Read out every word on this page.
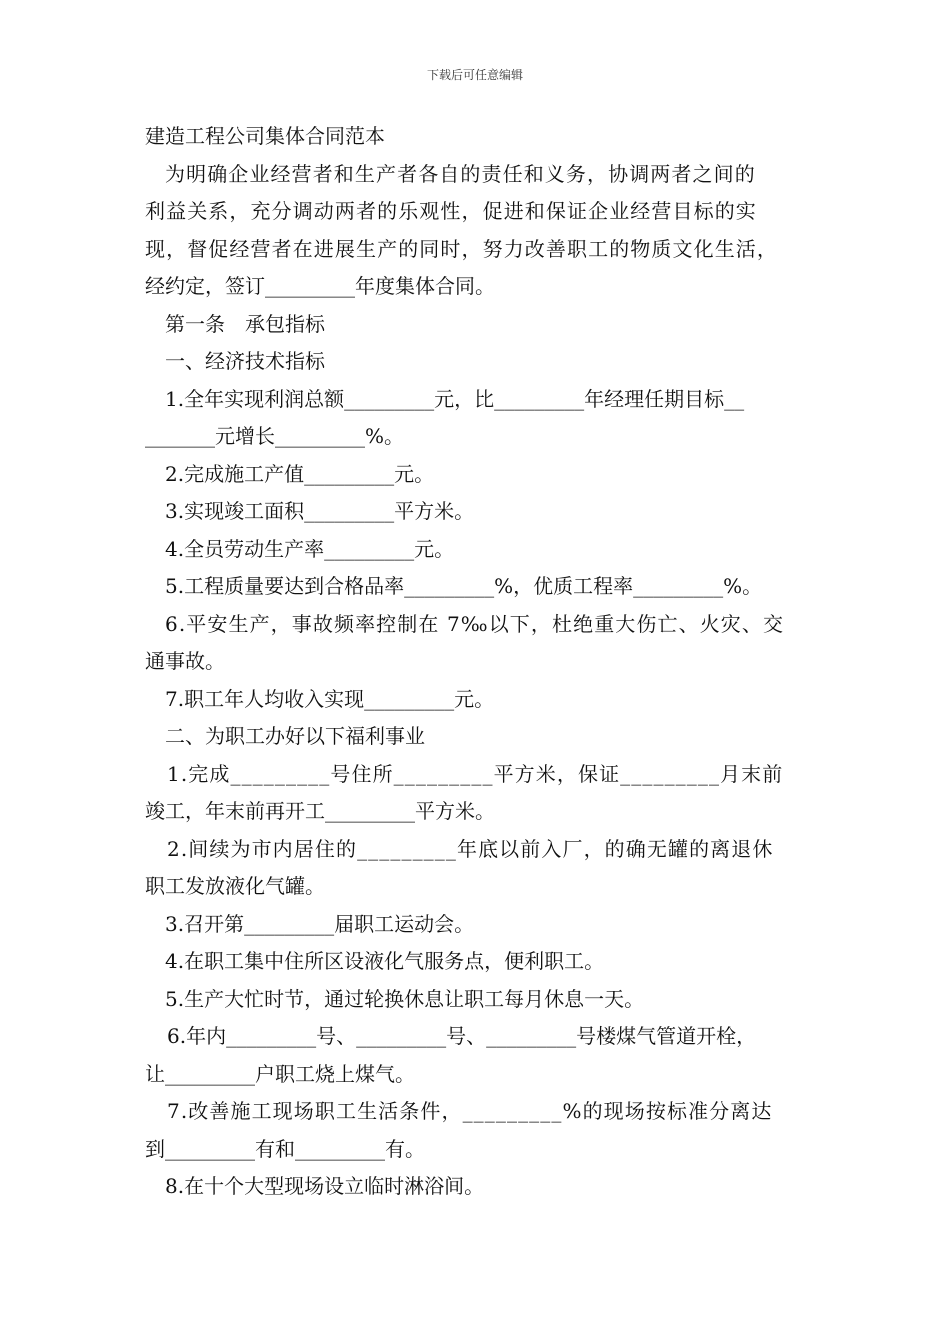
下载后可任意编辑
建造工程公司集体合同范本
为明确企业经营者和生产者各自的责任和义务，协调两者之间的
利益关系，充分调动两者的乐观性，促进和保证企业经营目标的实
现，督促经营者在进展生产的同时，努力改善职工的物质文化生活，
经约定，签订_________年度集体合同。
第一条　承包指标
一、经济技术指标
1.全年实现利润总额_________元，比_________年经理任期目标__
_______元增长_________%。
2.完成施工产值_________元。
3.实现竣工面积_________平方米。
4.全员劳动生产率_________元。
5.工程质量要达到合格品率_________%，优质工程率_________%。
6.平安生产，事故频率控制在 7‰以下，杜绝重大伤亡、火灾、交
通事故。
7.职工年人均收入实现_________元。
二、为职工办好以下福利事业
1.完成_________号住所_________平方米，保证_________月末前
竣工，年末前再开工_________平方米。
2.间续为市内居住的_________年底以前入厂，的确无罐的离退休
职工发放液化气罐。
3.召开第_________届职工运动会。
4.在职工集中住所区设液化气服务点，便利职工。
5.生产大忙时节，通过轮换休息让职工每月休息一天。
6.年内_________号、_________号、_________号楼煤气管道开栓，
让_________户职工烧上煤气。
7.改善施工现场职工生活条件，_________%的现场按标准分离达
到_________有和_________有。
8.在十个大型现场设立临时淋浴间。
